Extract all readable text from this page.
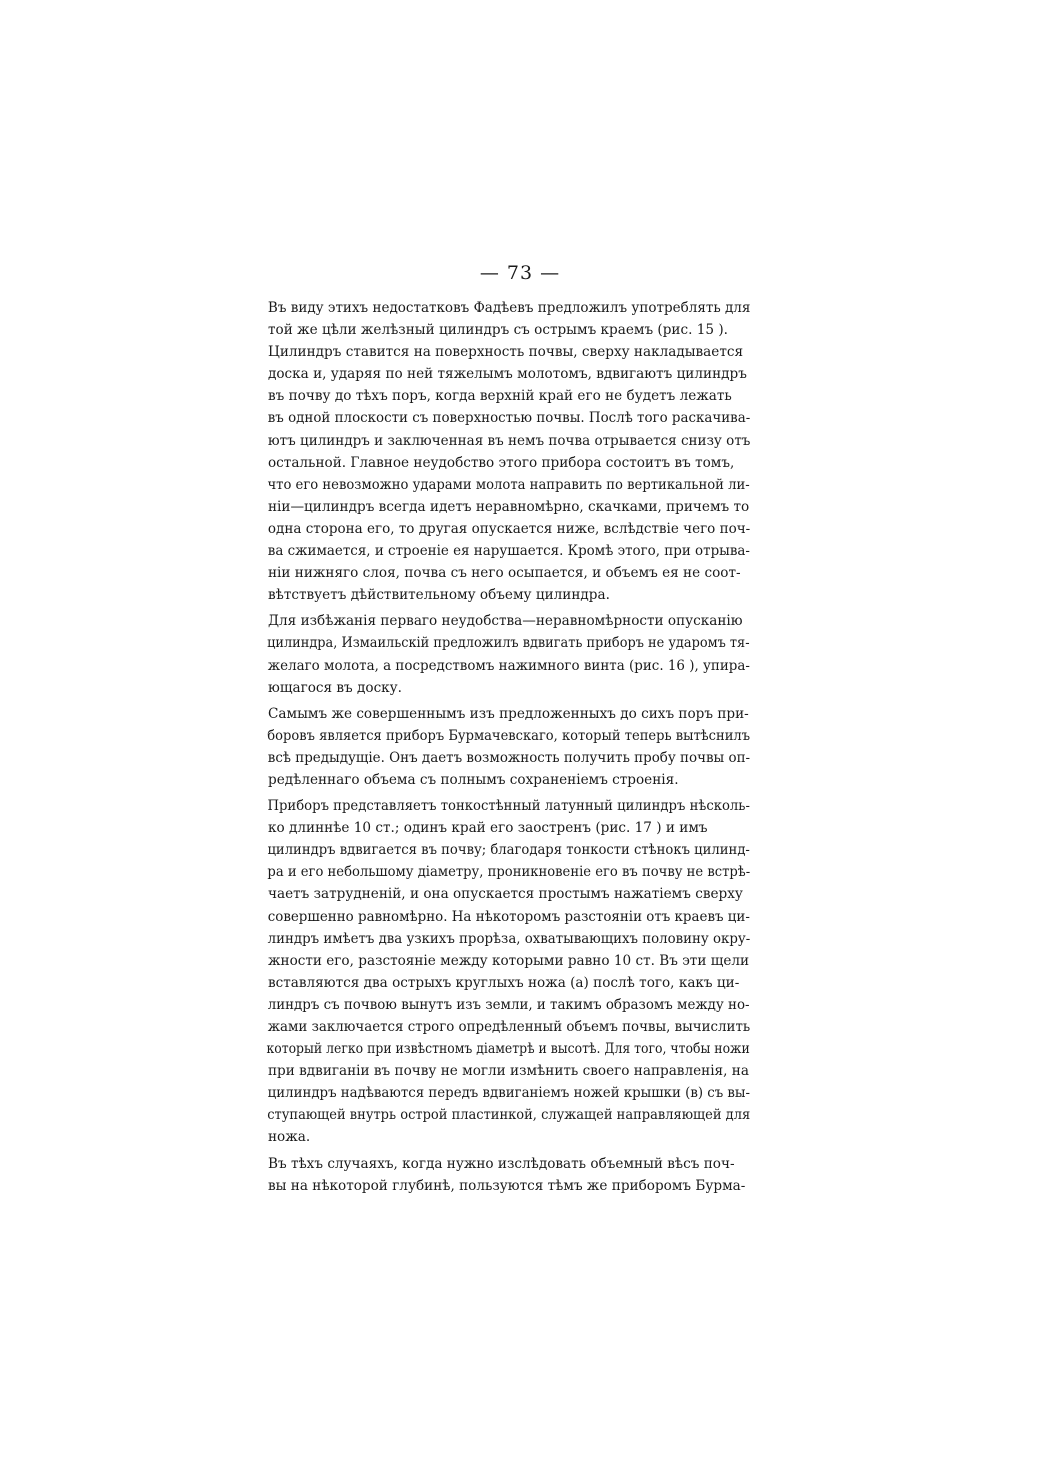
— 73 —

Въ виду этихъ недостатковъ Фадѣевъ предложилъ употреблять для
той же цѣли желѣзный цилиндръ съ острымъ краемъ (рис. 15 ).
Цилиндръ ставится на поверхность почвы, сверху накладывается
доска и, ударяя по ней тяжелымъ молотомъ, вдвигаютъ цилиндръ
въ почву до тѣхъ поръ, когда верхній край его не будетъ лежать
въ одной плоскости съ поверхностью почвы. Послѣ того раскачива-
ютъ цилиндръ и заключенная въ немъ почва отрывается снизу отъ
остальной. Главное неудобство этого прибора состоитъ въ томъ,
что его невозможно ударами молота направить по вертикальной ли-
ніи—цилиндръ всегда идетъ неравномѣрно, скачками, причемъ то
одна сторона его, то другая опускается ниже, вслѣдствіе чего поч-
ва сжимается, и строеніе ея нарушается. Кромѣ этого, при отрыва-
ніи нижняго слоя, почва съ него осыпается, и объемъ ея не соот-
вѣтствуетъ дѣйствительному объему цилиндра.

Для избѣжанія перваго неудобства—неравномѣрности опусканію
цилиндра, Измаильскій предложилъ вдвигать приборъ не ударомъ тя-
желаго молота, а посредствомъ нажимного винта (рис. 16 ), упира-
ющагося въ доску.

Самымъ же совершеннымъ изъ предложенныхъ до сихъ поръ при-
боровъ является приборъ Бурмачевскаго, который теперь вытѣснилъ
всѣ предыдущіе. Онъ даетъ возможность получить пробу почвы оп-
редѣленнаго объема съ полнымъ сохраненіемъ строенія.

Приборъ представляетъ тонкостѣнный латунный цилиндръ нѣсколь-
ко длиннѣе 10 ст.; одинъ край его заостренъ (рис. 17 ) и имъ
цилиндръ вдвигается въ почву; благодаря тонкости стѣнокъ цилинд-
ра и его небольшому діаметру, проникновеніе его въ почву не встрѣ-
чаетъ затрудненій, и она опускается простымъ нажатіемъ сверху
совершенно равномѣрно. На нѣкоторомъ разстояніи отъ краевъ ци-
линдръ имѣетъ два узкихъ прорѣза, охватывающихъ половину окру-
жности его, разстояніе между которыми равно 10 ст. Въ эти щели
вставляются два острыхъ круглыхъ ножа (а) послѣ того, какъ ци-
линдръ съ почвою вынутъ изъ земли, и такимъ образомъ между но-
жами заключается строго опредѣленный объемъ почвы, вычислить
который легко при извѣстномъ діаметрѣ и высотѣ. Для того, чтобы ножи
при вдвиганіи въ почву не могли измѣнить своего направленія, на
цилиндръ надѣваются передъ вдвиганіемъ ножей крышки (в) съ вы-
ступающей внутрь острой пластинкой, служащей направляющей для
ножа.

Въ тѣхъ случаяхъ, когда нужно изслѣдовать объемный вѣсъ поч-
вы на нѣкоторой глубинѣ, пользуются тѣмъ же приборомъ Бурма-
